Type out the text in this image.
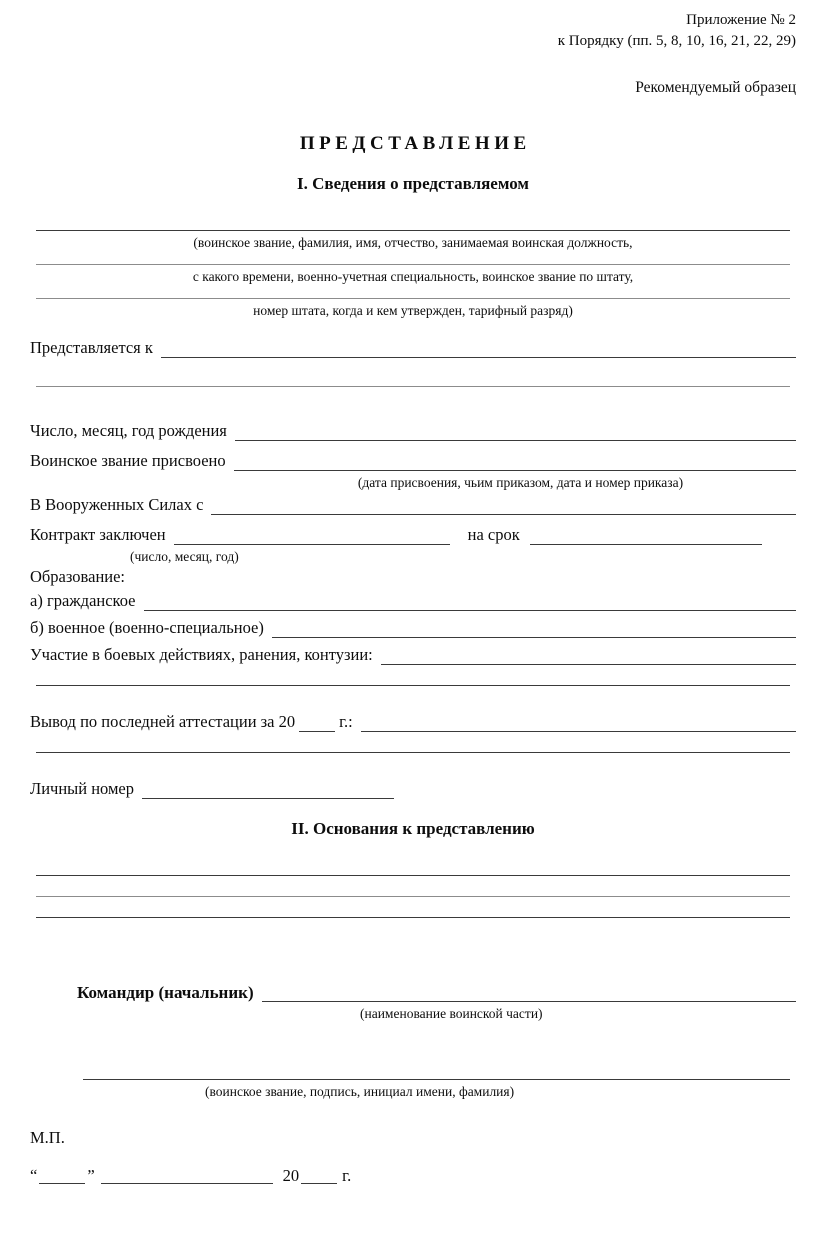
Приложение № 2
к Порядку (пп. 5, 8, 10, 16, 21, 22, 29)
Рекомендуемый образец
ПРЕДСТАВЛЕНИЕ
I. Сведения о представляемом
(воинское звание, фамилия, имя, отчество, занимаемая воинская должность,
с какого времени, военно-учетная специальность, воинское звание по штату,
номер штата, когда и кем утвержден, тарифный разряд)
Представляется к
Число, месяц, год рождения
Воинское звание присвоено
(дата присвоения, чьим приказом, дата и номер приказа)
В Вооруженных Силах с
Контракт заключен	на срок
(число, месяц, год)
Образование:
а) гражданское
б) военное (военно-специальное)
Участие в боевых действиях, ранения, контузии:
Вывод по последней аттестации за 20	г.:
Личный номер
II. Основания к представлению
Командир (начальник)
(наименование воинской части)
(воинское звание, подпись, инициал имени, фамилия)
М.П.
“	”	20	г.
